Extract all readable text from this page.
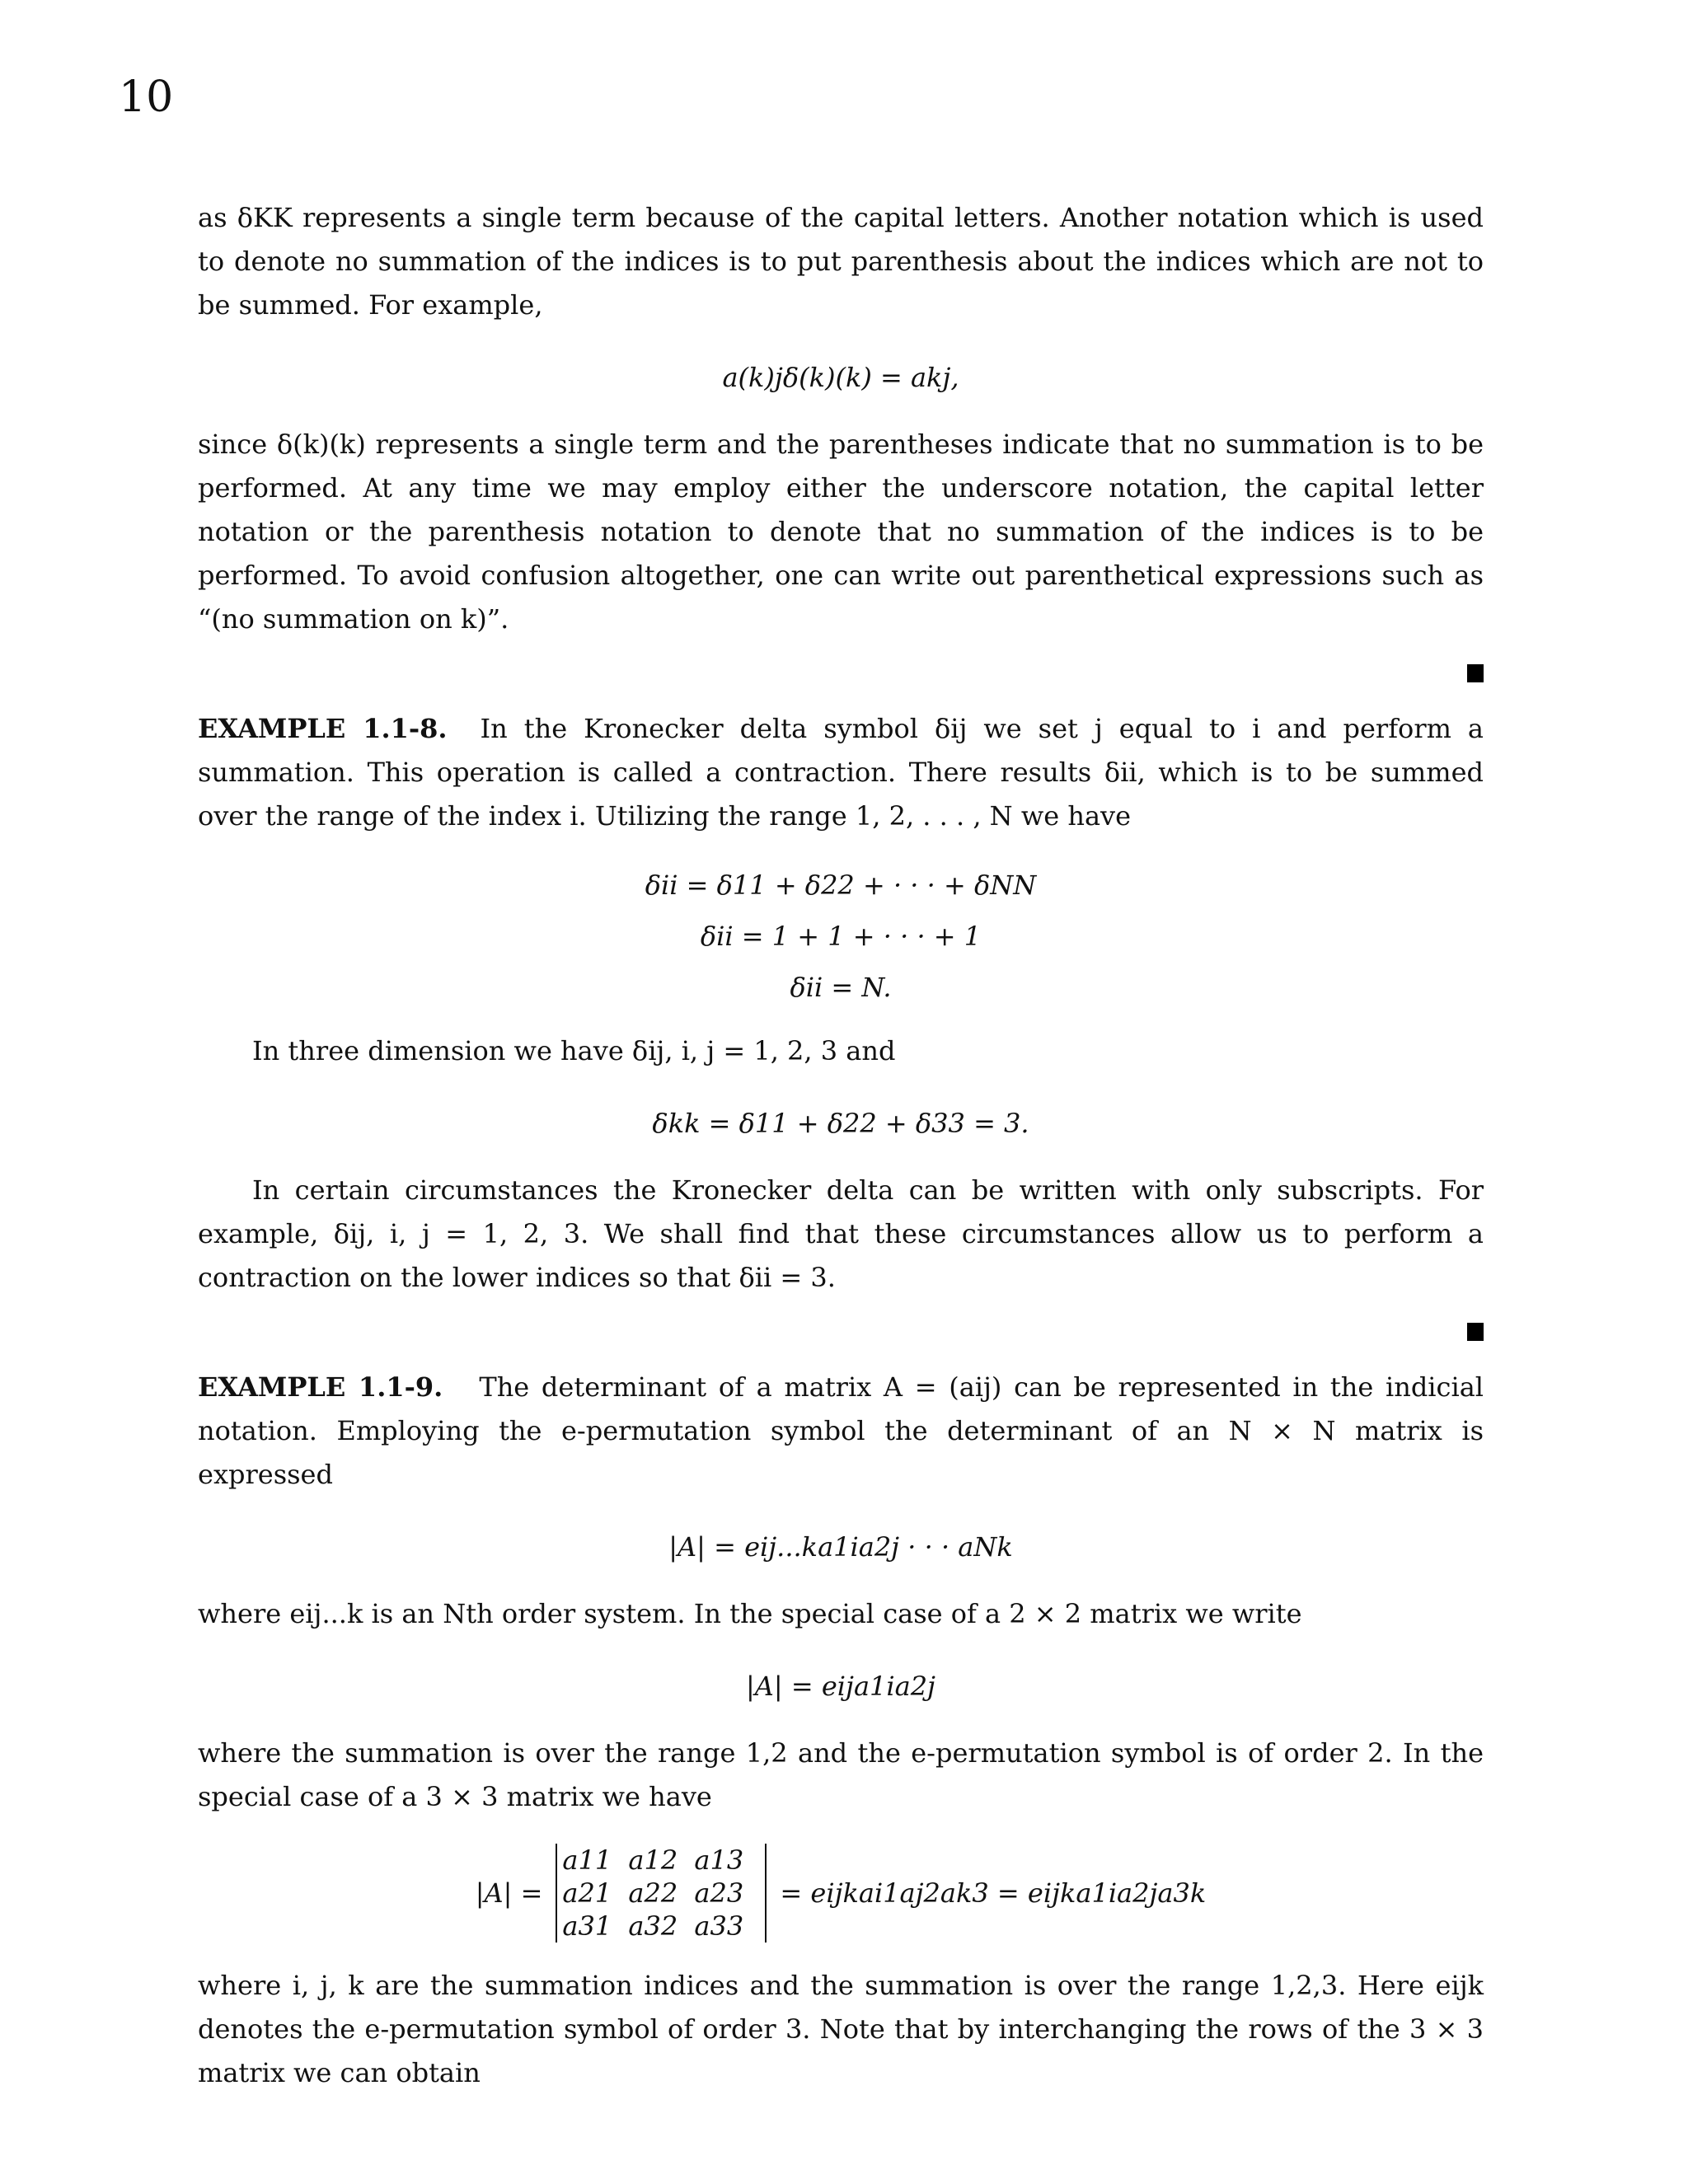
10

as δKK represents a single term because of the capital letters. Another notation which is used to denote no summation of the indices is to put parenthesis about the indices which are not to be summed. For example,

a(k)jδ(k)(k) = akj,

since δ(k)(k) represents a single term and the parentheses indicate that no summation is to be performed. At any time we may employ either the underscore notation, the capital letter notation or the parenthesis notation to denote that no summation of the indices is to be performed. To avoid confusion altogether, one can write out parenthetical expressions such as “(no summation on k)”.

EXAMPLE 1.1-8. In the Kronecker delta symbol δij we set j equal to i and perform a summation. This operation is called a contraction. There results δii, which is to be summed over the range of the index i. Utilizing the range 1, 2, . . . , N we have

δii = δ11 + δ22 + · · · + δNN
δii = 1 + 1 + · · · + 1
δii = N.

In three dimension we have δij, i, j = 1, 2, 3 and

δkk = δ11 + δ22 + δ33 = 3.

In certain circumstances the Kronecker delta can be written with only subscripts. For example, δij, i, j = 1, 2, 3. We shall find that these circumstances allow us to perform a contraction on the lower indices so that δii = 3.

EXAMPLE 1.1-9. The determinant of a matrix A = (aij) can be represented in the indicial notation. Employing the e-permutation symbol the determinant of an N × N matrix is expressed

|A| = eij...ka1ia2j · · · aNk

where eij...k is an Nth order system. In the special case of a 2 × 2 matrix we write

|A| = eija1ia2j

where the summation is over the range 1,2 and the e-permutation symbol is of order 2. In the special case of a 3 × 3 matrix we have

|A| =
a11 a12 a13
a21 a22 a23
a31 a32 a33
= eijkai1aj2ak3 = eijka1ia2ja3k

where i, j, k are the summation indices and the summation is over the range 1,2,3. Here eijk denotes the e-permutation symbol of order 3. Note that by interchanging the rows of the 3 × 3 matrix we can obtain
